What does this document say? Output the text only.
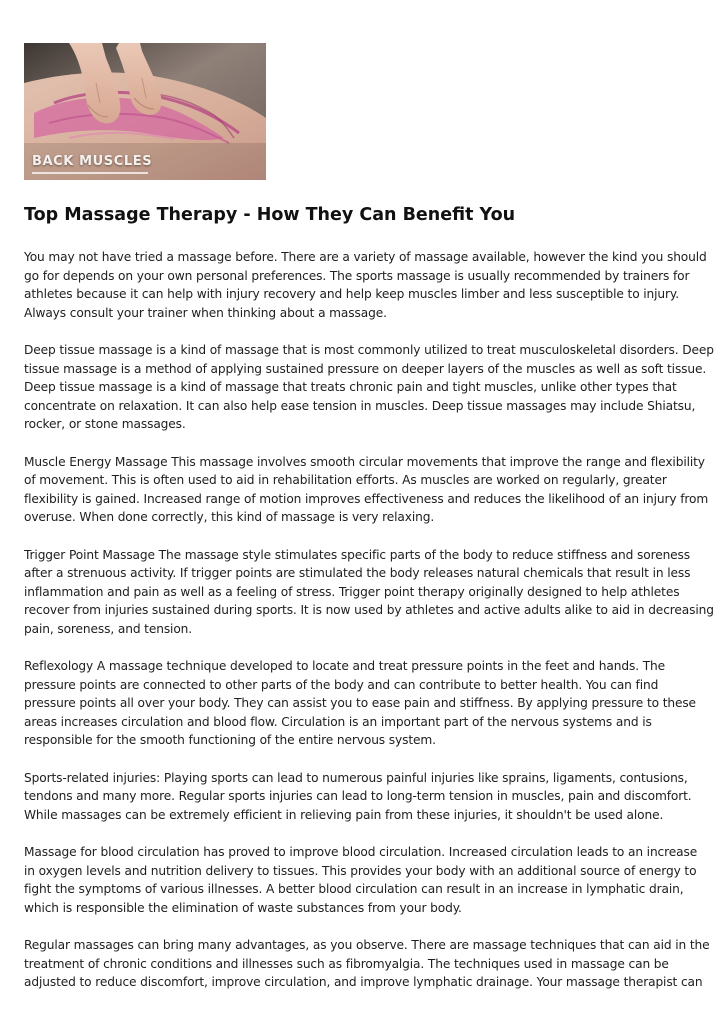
BACK MUSCLES
Top Massage Therapy - How They Can Benefit You

You may not have tried a massage before. There are a variety of massage available, however the kind you should
go for depends on your own personal preferences. The sports massage is usually recommended by trainers for
athletes because it can help with injury recovery and help keep muscles limber and less susceptible to injury.
Always consult your trainer when thinking about a massage.

Deep tissue massage is a kind of massage that is most commonly utilized to treat musculoskeletal disorders. Deep
tissue massage is a method of applying sustained pressure on deeper layers of the muscles as well as soft tissue.
Deep tissue massage is a kind of massage that treats chronic pain and tight muscles, unlike other types that
concentrate on relaxation. It can also help ease tension in muscles. Deep tissue massages may include Shiatsu,
rocker, or stone massages.

Muscle Energy Massage This massage involves smooth circular movements that improve the range and flexibility
of movement. This is often used to aid in rehabilitation efforts. As muscles are worked on regularly, greater
flexibility is gained. Increased range of motion improves effectiveness and reduces the likelihood of an injury from
overuse. When done correctly, this kind of massage is very relaxing.

Trigger Point Massage The massage style stimulates specific parts of the body to reduce stiffness and soreness
after a strenuous activity. If trigger points are stimulated the body releases natural chemicals that result in less
inflammation and pain as well as a feeling of stress. Trigger point therapy originally designed to help athletes
recover from injuries sustained during sports. It is now used by athletes and active adults alike to aid in decreasing
pain, soreness, and tension.

Reflexology A massage technique developed to locate and treat pressure points in the feet and hands. The
pressure points are connected to other parts of the body and can contribute to better health. You can find
pressure points all over your body. They can assist you to ease pain and stiffness. By applying pressure to these
areas increases circulation and blood flow. Circulation is an important part of the nervous systems and is
responsible for the smooth functioning of the entire nervous system.

Sports-related injuries: Playing sports can lead to numerous painful injuries like sprains, ligaments, contusions,
tendons and many more. Regular sports injuries can lead to long-term tension in muscles, pain and discomfort.
While massages can be extremely efficient in relieving pain from these injuries, it shouldn't be used alone.

Massage for blood circulation has proved to improve blood circulation. Increased circulation leads to an increase
in oxygen levels and nutrition delivery to tissues. This provides your body with an additional source of energy to
fight the symptoms of various illnesses. A better blood circulation can result in an increase in lymphatic drain,
which is responsible the elimination of waste substances from your body.

Regular massages can bring many advantages, as you observe. There are massage techniques that can aid in the
treatment of chronic conditions and illnesses such as fibromyalgia. The techniques used in massage can be
adjusted to reduce discomfort, improve circulation, and improve lymphatic drainage. Your massage therapist can
